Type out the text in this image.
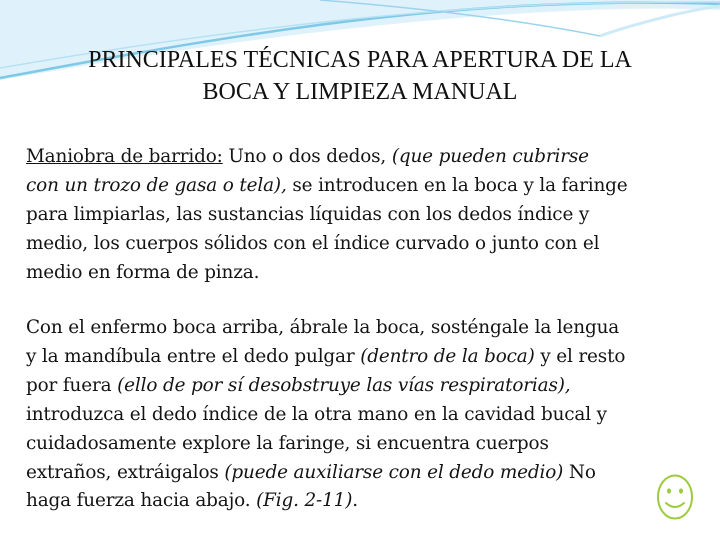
PRINCIPALES TÉCNICAS PARA APERTURA DE LA
BOCA Y LIMPIEZA MANUAL
Maniobra de barrido: Uno o dos dedos, (que pueden cubrirse
con un trozo de gasa o tela), se introducen en la boca y la faringe
para limpiarlas, las sustancias líquidas con los dedos índice y
medio, los cuerpos sólidos con el índice curvado o junto con el
medio en forma de pinza.
Con el enfermo boca arriba, ábrale la boca, sosténgale la lengua
y la mandíbula entre el dedo pulgar (dentro de la boca) y el resto
por fuera (ello de por sí desobstruye las vías respiratorias),
introduzca el dedo índice de la otra mano en la cavidad bucal y
cuidadosamente explore la faringe, si encuentra cuerpos
extraños, extráigalos (puede auxiliarse con el dedo medio) No
haga fuerza hacia abajo. (Fig. 2-11).
